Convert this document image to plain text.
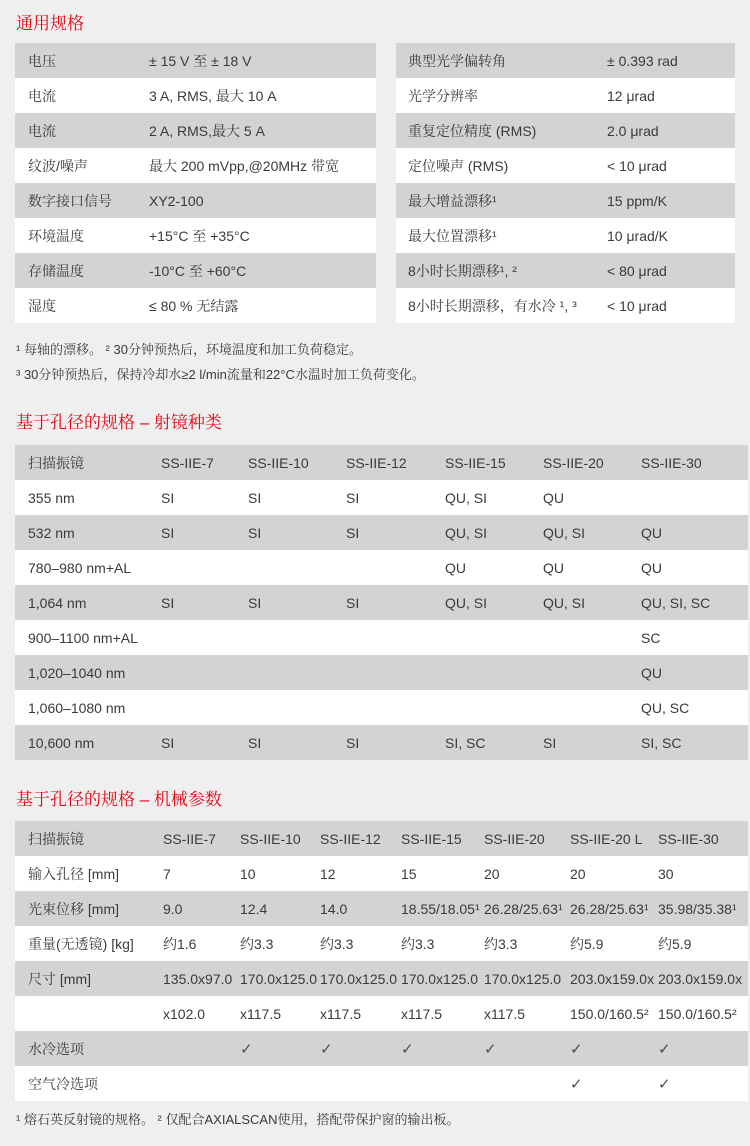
通用规格
电压	± 15 V 至 ± 18 V
电流	3 A, RMS, 最大 10 A
电流	2 A, RMS,最大 5 A
纹波/噪声	最大 200 mVpp,@20MHz 带宽
数字接口信号	XY2-100
环境温度	+15°C 至 +35°C
存储温度	-10°C 至 +60°C
湿度	≤ 80 % 无结露
典型光学偏转角	± 0.393 rad
光学分辨率	12 μrad
重复定位精度 (RMS)	2.0 μrad
定位噪声 (RMS)	< 10 μrad
最大增益漂移¹	15 ppm/K
最大位置漂移¹	10 μrad/K
8小时长期漂移¹, ²	< 80 μrad
8小时长期漂移，有水冷 ¹, ³	< 10 μrad

¹ 每轴的漂移。 ² 30分钟预热后，环境温度和加工负荷稳定。

³ 30分钟预热后，保持冷却水≥2 l/min流量和22°C水温时加工负荷变化。

基于孔径的规格 – 射镜种类
扫描振镜	SS-IIE-7	SS-IIE-10	SS-IIE-12	SS-IIE-15	SS-IIE-20	SS-IIE-30
355 nm	SI	SI	SI	QU, SI	QU	
532 nm	SI	SI	SI	QU, SI	QU, SI	QU
780–980 nm+AL				QU	QU	QU
1,064 nm	SI	SI	SI	QU, SI	QU, SI	QU, SI, SC
900–1100 nm+AL						SC
1,020–1040 nm						QU
1,060–1080 nm						QU, SC
10,600 nm	SI	SI	SI	SI, SC	SI	SI, SC
基于孔径的规格 – 机械参数
扫描振镜	SS-IIE-7	SS-IIE-10	SS-IIE-12	SS-IIE-15	SS-IIE-20	SS-IIE-20 L	SS-IIE-30
输入孔径 [mm]	7	10	12	15	20	20	30
光束位移 [mm]	9.0	12.4	14.0	18.55/18.05¹	26.28/25.63¹	26.28/25.63¹	35.98/35.38¹
重量(无透镜) [kg]	约1.6	约3.3	约3.3	约3.3	约3.3	约5.9	约5.9
尺寸 [mm]	135.0x97.0	170.0x125.0	170.0x125.0	170.0x125.0	170.0x125.0	203.0x159.0x	203.0x159.0x
	x102.0	x117.5	x117.5	x117.5	x117.5	150.0/160.5²	150.0/160.5²
水冷选项		✓	✓	✓	✓	✓	✓
空气冷选项						✓	✓

¹ 熔石英反射镜的规格。 ² 仅配合AXIALSCAN使用，搭配带保护窗的输出板。
